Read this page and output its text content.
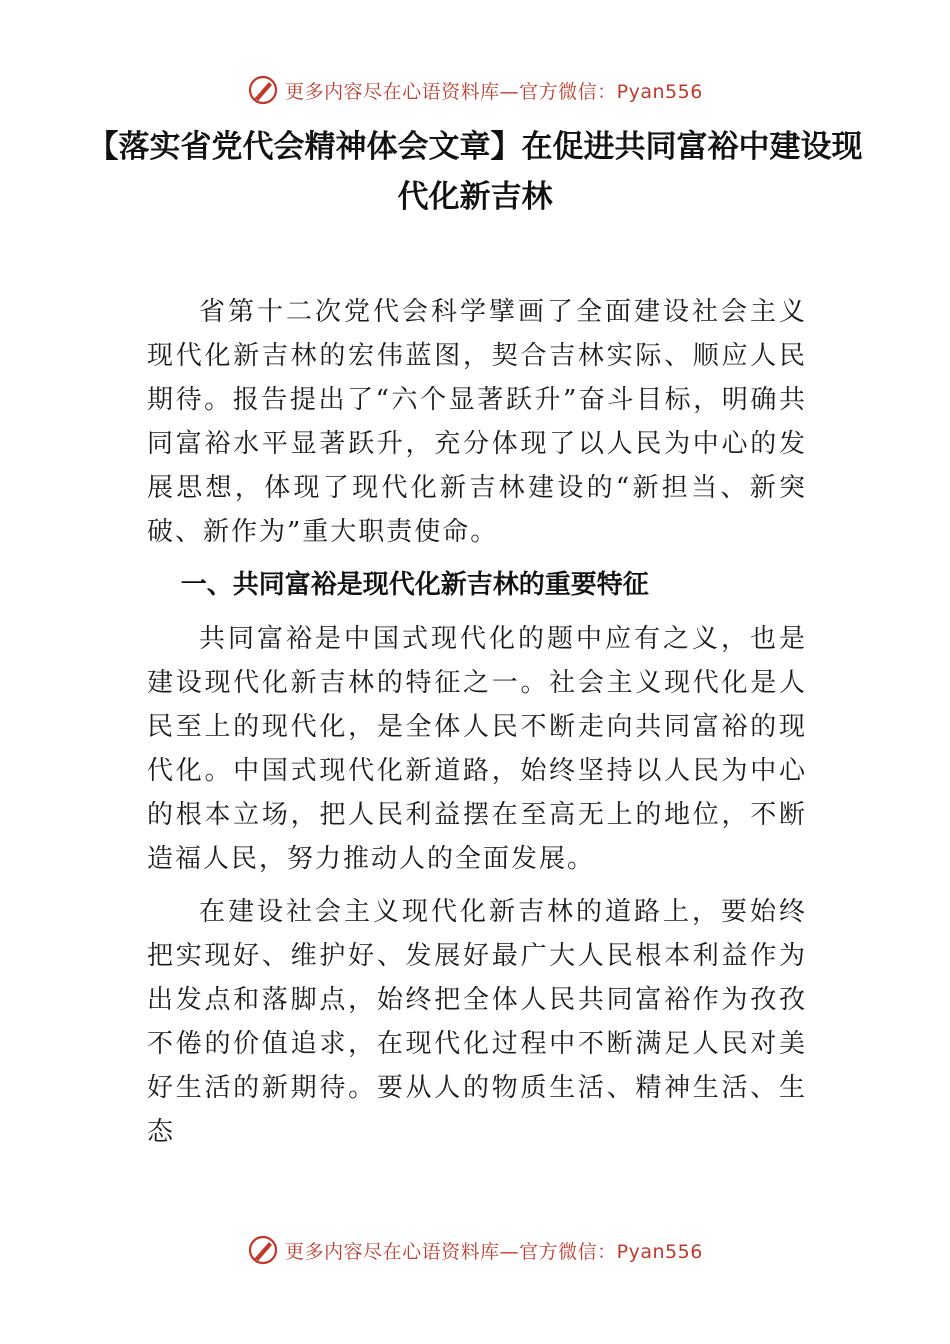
更多内容尽在心语资料库—官方微信：Pyan556
【落实省党代会精神体会文章】在促进共同富裕中建设现代化新吉林

省第十二次党代会科学擘画了全面建设社会主义现代化新吉林的宏伟蓝图，契合吉林实际、顺应人民期待。报告提出了“六个显著跃升”奋斗目标，明确共同富裕水平显著跃升，充分体现了以人民为中心的发展思想，体现了现代化新吉林建设的“新担当、新突破、新作为”重大职责使命。

一、共同富裕是现代化新吉林的重要特征

共同富裕是中国式现代化的题中应有之义，也是建设现代化新吉林的特征之一。社会主义现代化是人民至上的现代化，是全体人民不断走向共同富裕的现代化。中国式现代化新道路，始终坚持以人民为中心的根本立场，把人民利益摆在至高无上的地位，不断造福人民，努力推动人的全面发展。

在建设社会主义现代化新吉林的道路上，要始终把实现好、维护好、发展好最广大人民根本利益作为出发点和落脚点，始终把全体人民共同富裕作为孜孜不倦的价值追求，在现代化过程中不断满足人民对美好生活的新期待。要从人的物质生活、精神生活、生态

更多内容尽在心语资料库—官方微信：Pyan556
